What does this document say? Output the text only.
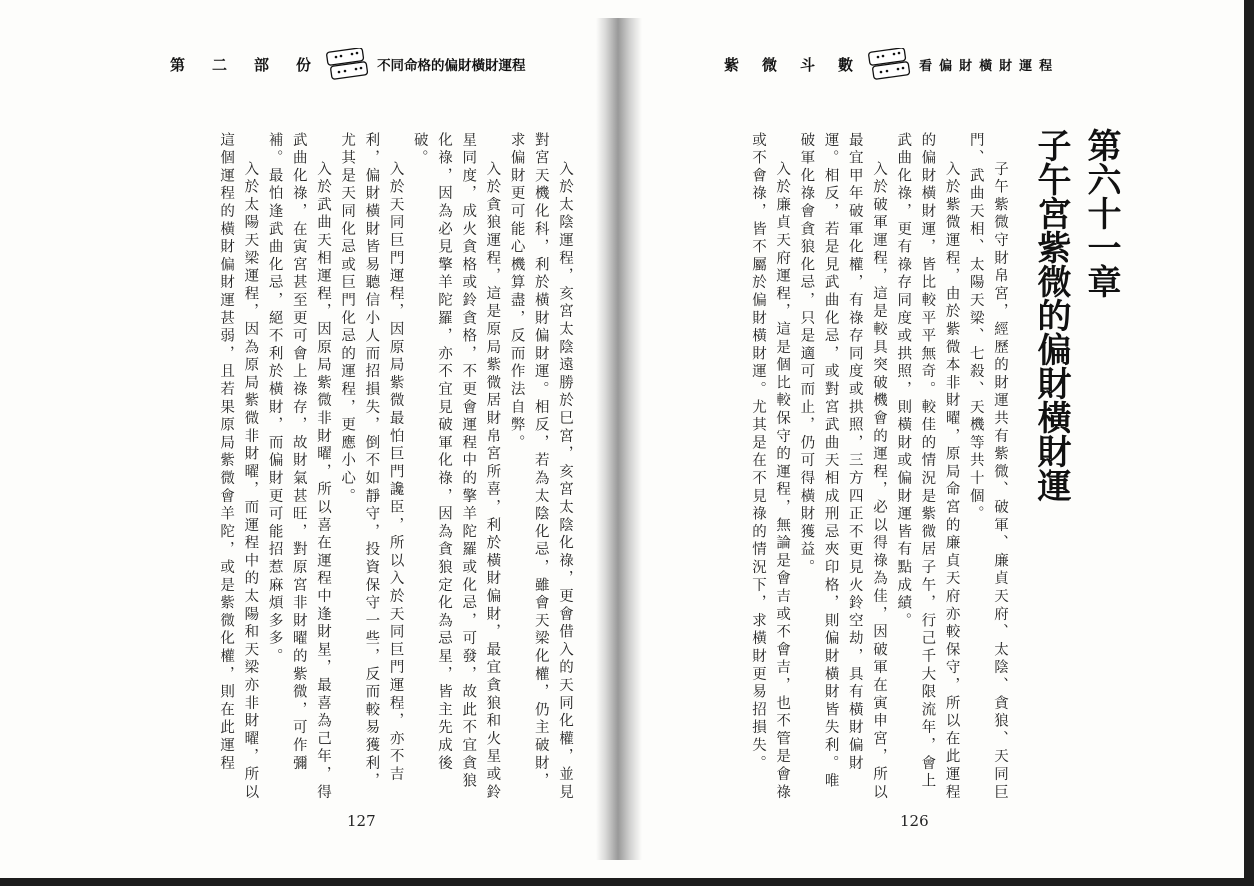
第 二 部 份	不同命格的偏財橫財運程

入於太陰運程，亥宮太陰遠勝於巳宮，亥宮太陰化祿，更會借入的天同化權，並見對宮天機化科，利於橫財偏財運。相反，若為太陰化忌，雖會天梁化權，仍主破財，求偏財更可能心機算盡，反而作法自弊。

入於貪狼運程，這是原局紫微居財帛宮所喜，利於橫財偏財，最宜貪狼和火星或鈴星同度，成火貪格或鈴貪格，不更會運程中的擎羊陀羅或化忌，可發，故此不宜貪狼化祿，因為必見擎羊陀羅，亦不宜見破軍化祿，因為貪狼定化為忌星，皆主先成後破。

入於天同巨門運程，因原局紫微最怕巨門讒臣，所以入於天同巨門運程，亦不吉利，偏財橫財皆易聽信小人而招損失，倒不如靜守，投資保守一些，反而較易獲利，尤其是天同化忌或巨門化忌的運程，更應小心。

入於武曲天相運程，因原局紫微非財曜，所以喜在運程中逢財星，最喜為己年，得武曲化祿，在寅宮甚至更可會上祿存，故財氣甚旺，對原宮非財曜的紫微，可作彌補。最怕逢武曲化忌，絕不利於橫財，而偏財更可能招惹麻煩多多。

入於太陽天梁運程，因為原局紫微非財曜，而運程中的太陽和天梁亦非財曜，所以這個運程的橫財偏財運甚弱，且若果原局紫微會羊陀，或是紫微化權，則在此運程

127
紫 微 斗 數	看偏財橫財運程
第六十一章
子午宮紫微的偏財橫財運

子午紫微守財帛宮，經歷的財運共有紫微、破軍、廉貞天府、太陰、貪狼、天同巨門、武曲天相、太陽天梁、七殺、天機等共十個。

入於紫微運程，由於紫微本非財曜，原局命宮的廉貞天府亦較保守，所以在此運程的偏財橫財運，皆比較平平無奇。較佳的情況是紫微居子午，行己千大限流年，會上武曲化祿，更有祿存同度或拱照，則橫財或偏財運皆有點成績。

入於破軍運程，這是較具突破機會的運程，必以得祿為佳，因破軍在寅申宮，所以最宜甲年破軍化權，有祿存同度或拱照，三方四正不更見火鈴空劫，具有橫財偏財運。相反，若是見武曲化忌，或對宮武曲天相成刑忌夾印格，則偏財橫財皆失利。唯破軍化祿會貪狼化忌，只是適可而止，仍可得橫財獲益。

入於廉貞天府運程，這是個比較保守的運程，無論是會吉或不會吉，也不管是會祿或不會祿，皆不屬於偏財橫財運。尤其是在不見祿的情況下，求橫財更易招損失。

126
